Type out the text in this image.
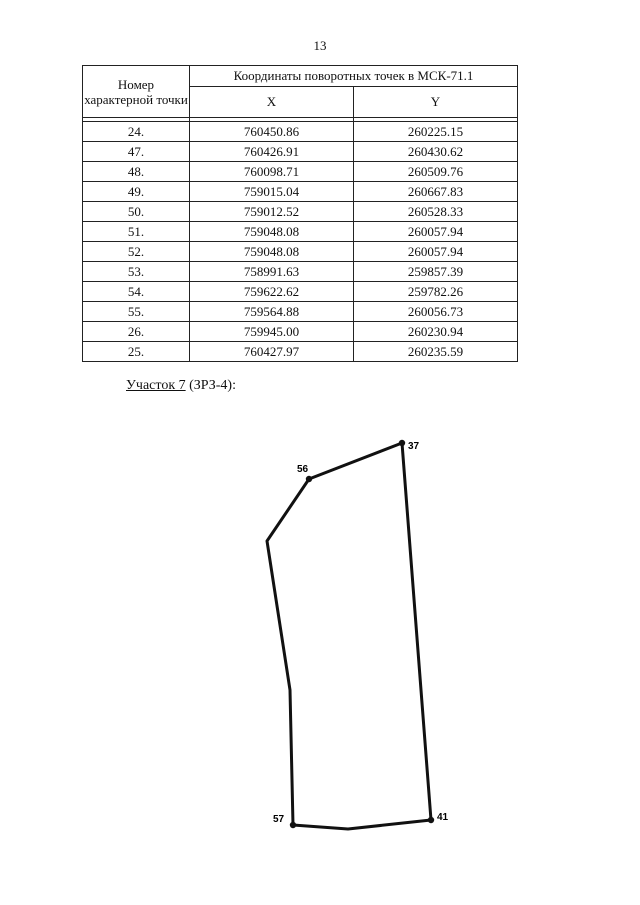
13
Номер характерной точки	Координаты поворотных точек в МСК-71.1	
	X	Y

24.	760450.86	260225.15
47.	760426.91	260430.62
48.	760098.71	260509.76
49.	759015.04	260667.83
50.	759012.52	260528.33
51.	759048.08	260057.94
52.	759048.08	260057.94
53.	758991.63	259857.39
54.	759622.62	259782.26
55.	759564.88	260056.73
26.	759945.00	260230.94
25.	760427.97	260235.59
Участок 7 (ЗРЗ-4):
37
56
57	41
